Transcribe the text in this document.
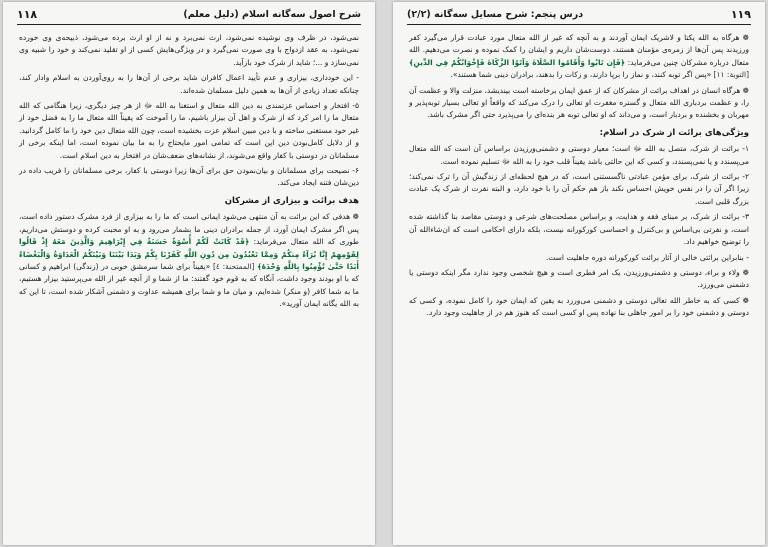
۱۱۸	شرح اصول سه‌گانه اسلام (دلیل معلم)

نمی‌شود، در ظرف وی نوشیده نمی‌شود، ارث نمی‌برد و نه از او ارث برده می‌شود، ذبیحه‌ی وی خورده نمی‌شود، به عقد ازدواج با وی صورت نمی‌گیرد و در ویژگی‌هایش کسی از او تقلید نمی‌کند و خود را شبیه وی نمی‌سازد و ...؛ شاید از شرک خود بازآید.

- این خودداری، بیزاری و عدم تأیید اعمال کافران شاید برخی از آن‌ها را به روی‌آوردن به اسلام وادار کند، چنانکه تعداد زیادی از آن‌ها به همین دلیل مسلمان شده‌اند.

۵- افتخار و احساس عزتمندی به دین الله متعال و استغنا به الله ﷻ از هر چیز دیگری، زیرا هنگامی که الله متعال ما را امر کرد که از شرک و اهل آن بیزار باشیم، ما را آموخت که یقیناً الله متعال ما را به فضل خود از غیر خود مستغنی ساخته و با دین مبین اسلام عزت بخشیده است، چون الله متعال دین خود را ما کامل گردانید. و از دلایل کامل‌بودن دین این است که تمامی امور مایحتاج را به ما بیان نموده است، اما اینکه برخی از مسلمانان در دوستی با کفار واقع می‌شوند، از نشانه‌های ضعف‌شان در افتخار به دین اسلام است.

۶- نصیحت برای مسلمانان و بیان‌نمودن حق برای آن‌ها زیرا دوستی با کفار، برخی مسلمانان را فریب داده در دین‌شان فتنه ایجاد می‌کند.

هدف برائت و بیزاری از مشرکان

❁ هدفی که این برائت به آن منتهی می‌شود ایمانی است که ما را به بیزاری از فرد مشرک دستور داده است، پس اگر مشرک ایمان آورد، از جمله برادران دینی ما بشمار می‌رود و به او محبت کرده و دوستش می‌داریم، طوری که الله متعال می‌فرماید: ﴿قَدْ كَانَتْ لَكُمْ أُسْوَةٌ حَسَنَةٌ فِي إِبْرَاهِيمَ وَالَّذِينَ مَعَهُ إِذْ قَالُوا لِقَوْمِهِمْ إِنَّا بُرَآءُ مِنكُمْ وَمِمَّا تَعْبُدُونَ مِن دُونِ اللَّهِ كَفَرْنَا بِكُمْ وَبَدَا بَيْنَنَا وَبَيْنَكُمُ الْعَدَاوَةُ وَالْبَغْضَاءُ أَبَدًا حَتَّىٰ تُؤْمِنُوا بِاللَّهِ وَحْدَهُ﴾ [الممتحنة: ٤] «یقیناً برای شما سرمشق خوبی در (زندگی) ابراهیم و کسانی که با او بودند وجود داشت، آنگاه که به قوم خود گفتند: ما از شما و از آنچه غیر از الله می‌پرستید بیزار هستیم، ما به شما کافر (و منکر) شده‌ایم، و میان ما و شما برای همیشه عداوت و دشمنی آشکار شده است، تا این که به الله یگانه ایمان آورید».

۱۱۹
درس پنجم: شرح مسایل سه‌گانه (۲/۲)

❁ هرگاه به الله یکتا و لاشریک ایمان آوردند و به آنچه که غیر از الله متعال مورد عبادت قرار می‌گیرد کفر ورزیدند پس آن‌ها از زمره‌ی مؤمنان هستند، دوست‌شان داریم و ایشان را کمک نموده و نصرت می‌دهیم. الله متعال درباره مشرکان چنین می‌فرماید: ﴿فَإِن تَابُوا وَأَقَامُوا الصَّلَاةَ وَآتَوُا الزَّكَاةَ فَإِخْوَانُكُمْ فِي الدِّينِ﴾ [التوبة: ١١] «پس اگر توبه کنند، و نماز را برپا دارند، و زکات را بدهند، برادران دینی شما هستند».

❁ هرگاه انسان در اهداف برائت از مشرکان که از عمق ایمان برخاسته است بیندیشد، منزلت والا و عظمت آن را، و عظمت بردباری الله متعال و گستره مغفرت او تعالی را درک می‌کند که واقعاً او تعالی بسیار توبه‌پذیر و مهربان و بخشنده و بردبار است، و می‌داند که او تعالی توبه هر بنده‌ای را می‌پذیرد حتی اگر مشرک باشد.

ویژگی‌های برائت از شرک در اسلام:

۱- برائت از شرک، متصل به الله ﷻ است؛ معیار دوستی و دشمنی‌ورزیدن براساس آن است که الله متعال می‌پسندد و یا نمی‌پسندد، و کسی که این حالتی باشد یقیناً قلب خود را به الله ﷻ تسلیم نموده است.

۲- برائت از شرک، برای مؤمن عبادتی ناگسستنی است، که در هیچ لحظه‌ای از زندگیش آن را ترک نمی‌کند؛ زیرا اگر آن را در نفس خویش احساس نکند باز هم حکم آن را با خود دارد، و البته نفرت از شرک یک عبادت بزرگ قلبی است.

۳- برائت از شرک، بر مبنای فقه و هدایت، و براساس مصلحت‌های شرعی و دوستی مقاصد بنا گذاشته شده است، و نفرتی بی‌اساس و بی‌کنترل و احساسی کورکورانه نیست، بلکه دارای احکامی است که ان‌شاءالله آن را توضیح خواهیم داد.

- بنابراین برائتی خالی از آثار برائت کورکورانه دوره جاهلیت است.

❁ ولاء و براء، دوستی و دشمنی‌ورزیدن، یک امر فطری است و هیچ شخصی وجود ندارد مگر اینکه دوستی یا دشمنی می‌ورزد.

❁ کسی که به خاطر الله تعالی دوستی و دشمنی می‌ورزد به یقین که ایمان خود را کامل نموده، و کسی که دوستی و دشمنی خود را بر امور جاهلی بنا نهاده پس او کسی است که هنوز هم در از جاهلیت وجود دارد.
